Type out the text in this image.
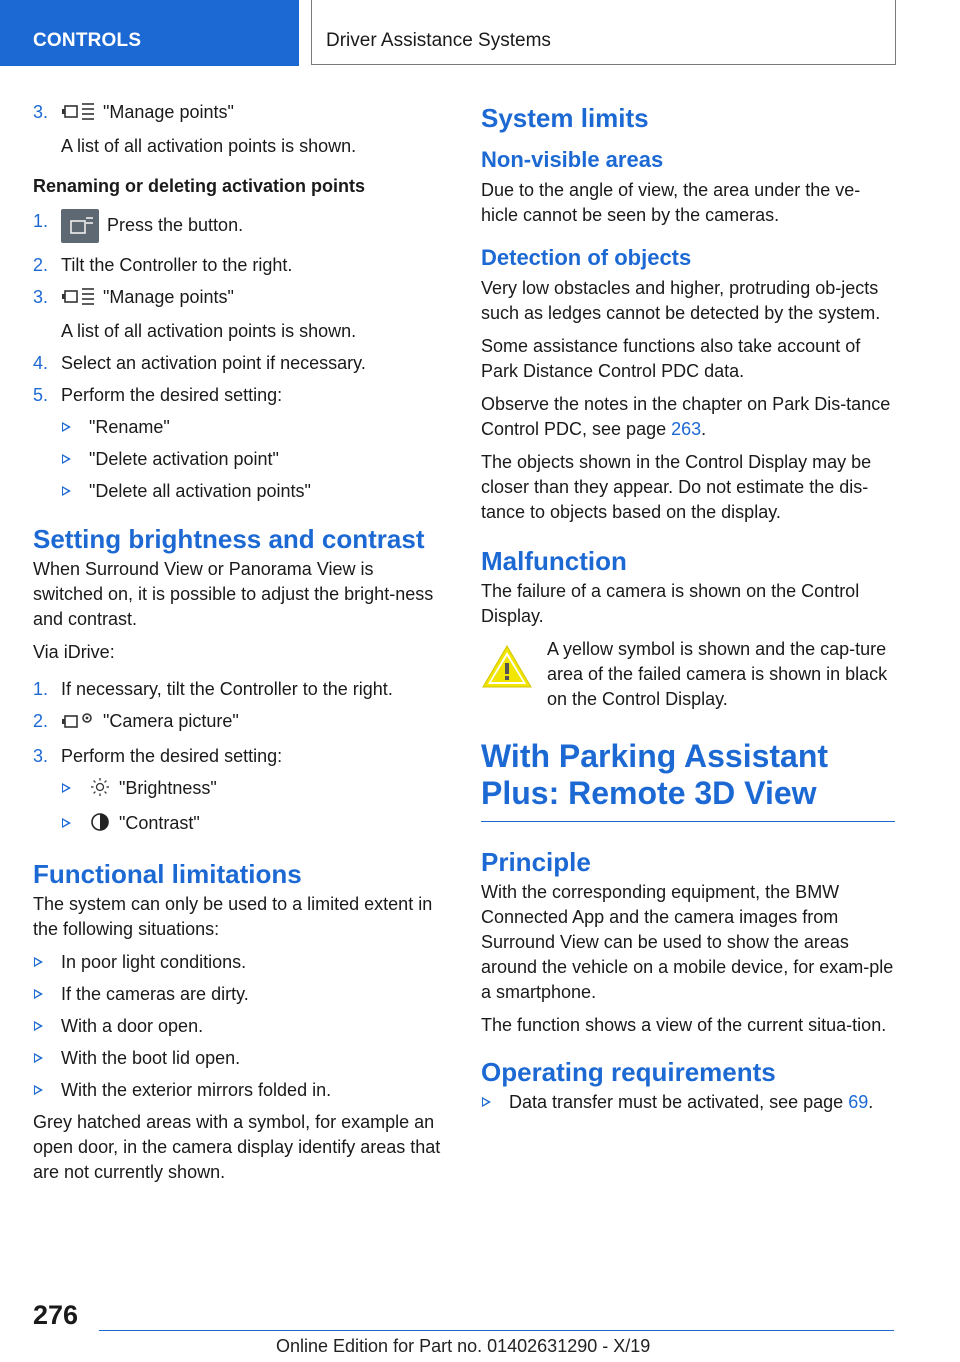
CONTROLS	Driver Assistance Systems
3.	"Manage points"
A list of all activation points is shown.
Renaming or deleting activation points
1.	Press the button.
2. Tilt the Controller to the right.
3.	"Manage points"
A list of all activation points is shown.
4. Select an activation point if necessary.
5. Perform the desired setting:
"Rename"
"Delete activation point"
"Delete all activation points"
Setting brightness and contrast

When Surround View or Panorama View is switched on, it is possible to adjust the bright‐ness and contrast.

Via iDrive:

1. If necessary, tilt the Controller to the right.
2.	"Camera picture"
3. Perform the desired setting:
"Brightness"
"Contrast"
Functional limitations

The system can only be used to a limited extent in the following situations:

In poor light conditions.
If the cameras are dirty.
With a door open.
With the boot lid open.
With the exterior mirrors folded in.

Grey hatched areas with a symbol, for example an open door, in the camera display identify areas that are not currently shown.

System limits
Non-visible areas

Due to the angle of view, the area under the ve‐hicle cannot be seen by the cameras.

Detection of objects

Very low obstacles and higher, protruding ob‐jects such as ledges cannot be detected by the system.

Some assistance functions also take account of Park Distance Control PDC data.

Observe the notes in the chapter on Park Dis‐tance Control PDC, see page 263.

The objects shown in the Control Display may be closer than they appear. Do not estimate the dis‐tance to objects based on the display.

Malfunction

The failure of a camera is shown on the Control Display.

A yellow symbol is shown and the cap‐ture area of the failed camera is shown in black on the Control Display.

With Parking Assistant Plus: Remote 3D View
Principle

With the corresponding equipment, the BMW Connected App and the camera images from Surround View can be used to show the areas around the vehicle on a mobile device, for exam‐ple a smartphone.

The function shows a view of the current situa‐tion.

Operating requirements
Data transfer must be activated, see page 69.
276
Online Edition for Part no. 01402631290 - X/19
